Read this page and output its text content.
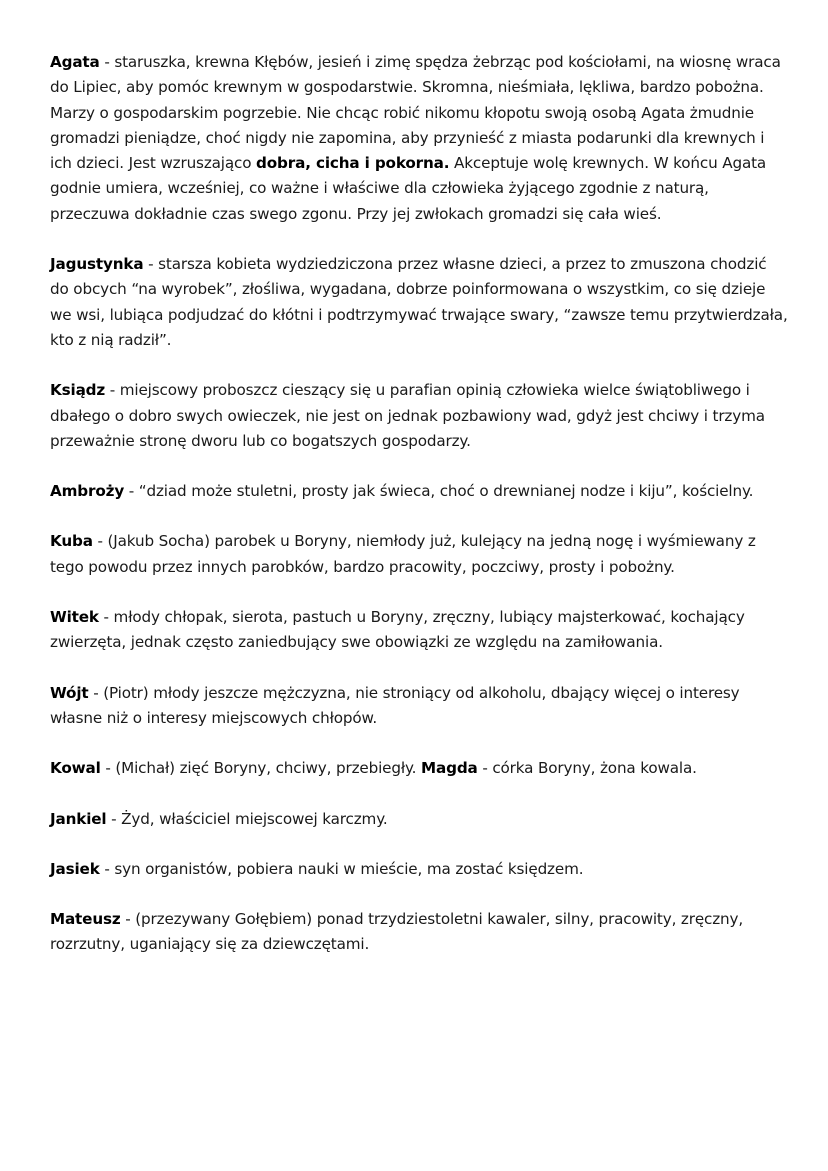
Agata - staruszka, krewna Kłębów, jesień i zimę spędza żebrząc pod kościołami, na wiosnę wraca do Lipiec, aby pomóc krewnym w gospodarstwie. Skromna, nieśmiała, lękliwa, bardzo pobożna. Marzy o gospodarskim pogrzebie. Nie chcąc robić nikomu kłopotu swoją osobą Agata żmudnie gromadzi pieniądze, choć nigdy nie zapomina, aby przynieść z miasta podarunki dla krewnych i ich dzieci. Jest wzruszająco dobra, cicha i pokorna. Akceptuje wolę krewnych. W końcu Agata godnie umiera, wcześniej, co ważne i właściwe dla człowieka żyjącego zgodnie z naturą, przeczuwa dokładnie czas swego zgonu. Przy jej zwłokach gromadzi się cała wieś.

Jagustynka - starsza kobieta wydziedziczona przez własne dzieci, a przez to zmuszona chodzić do obcych “na wyrobek”, złośliwa, wygadana, dobrze poinformowana o wszystkim, co się dzieje we wsi, lubiąca podjudzać do kłótni i podtrzymywać trwające swary, “zawsze temu przytwierdzała, kto z nią radził”.

Ksiądz - miejscowy proboszcz cieszący się u parafian opinią człowieka wielce świątobliwego i dbałego o dobro swych owieczek, nie jest on jednak pozbawiony wad, gdyż jest chciwy i trzyma przeważnie stronę dworu lub co bogatszych gospodarzy.

Ambroży - “dziad może stuletni, prosty jak świeca, choć o drewnianej nodze i kiju”, kościelny.

Kuba - (Jakub Socha) parobek u Boryny, niemłody już, kulejący na jedną nogę i wyśmiewany z tego powodu przez innych parobków, bardzo pracowity, poczciwy, prosty i pobożny.

Witek - młody chłopak, sierota, pastuch u Boryny, zręczny, lubiący majsterkować, kochający zwierzęta, jednak często zaniedbujący swe obowiązki ze względu na zamiłowania.

Wójt - (Piotr) młody jeszcze mężczyzna, nie stroniący od alkoholu, dbający więcej o interesy własne niż o interesy miejscowych chłopów.

Kowal - (Michał) zięć Boryny, chciwy, przebiegły. Magda - córka Boryny, żona kowala.

Jankiel - Żyd, właściciel miejscowej karczmy.

Jasiek - syn organistów, pobiera nauki w mieście, ma zostać księdzem.

Mateusz - (przezywany Gołębiem) ponad trzydziestoletni kawaler, silny, pracowity, zręczny, rozrzutny, uganiający się za dziewczętami.
